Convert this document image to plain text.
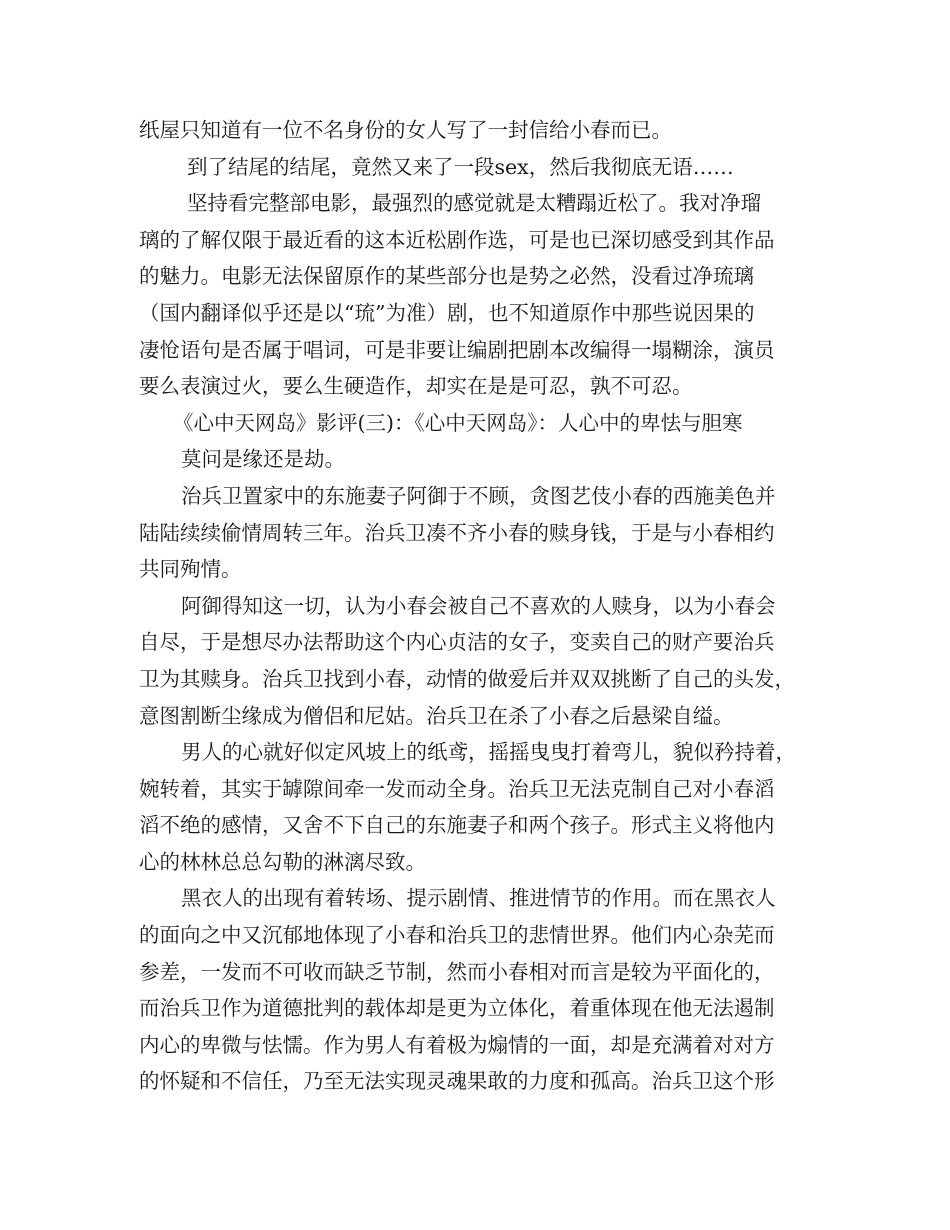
纸屋只知道有一位不名身份的女人写了一封信给小春而已。
到了结尾的结尾，竟然又来了一段sex，然后我彻底无语……
坚持看完整部电影，最强烈的感觉就是太糟蹋近松了。我对净瑠
璃的了解仅限于最近看的这本近松剧作选，可是也已深切感受到其作品
的魅力。电影无法保留原作的某些部分也是势之必然，没看过净琉璃
（国内翻译似乎还是以“琉”为准）剧，也不知道原作中那些说因果的
凄怆语句是否属于唱词，可是非要让编剧把剧本改编得一塌糊涂，演员
要么表演过火，要么生硬造作，却实在是是可忍，孰不可忍。
《心中天网岛》影评(三)：《心中天网岛》：人心中的卑怯与胆寒
莫问是缘还是劫。
治兵卫置家中的东施妻子阿御于不顾，贪图艺伎小春的西施美色并
陆陆续续偷情周转三年。治兵卫凑不齐小春的赎身钱，于是与小春相约
共同殉情。
阿御得知这一切，认为小春会被自己不喜欢的人赎身，以为小春会
自尽，于是想尽办法帮助这个内心贞洁的女子，变卖自己的财产要治兵
卫为其赎身。治兵卫找到小春，动情的做爱后并双双挑断了自己的头发，
意图割断尘缘成为僧侣和尼姑。治兵卫在杀了小春之后悬梁自缢。
男人的心就好似定风坡上的纸鸢，摇摇曳曳打着弯儿，貌似矜持着，
婉转着，其实于罅隙间牵一发而动全身。治兵卫无法克制自己对小春滔
滔不绝的感情，又舍不下自己的东施妻子和两个孩子。形式主义将他内
心的林林总总勾勒的淋漓尽致。
黑衣人的出现有着转场、提示剧情、推进情节的作用。而在黑衣人
的面向之中又沉郁地体现了小春和治兵卫的悲情世界。他们内心杂芜而
参差，一发而不可收而缺乏节制，然而小春相对而言是较为平面化的，
而治兵卫作为道德批判的载体却是更为立体化，着重体现在他无法遏制
内心的卑微与怯懦。作为男人有着极为煽情的一面，却是充满着对对方
的怀疑和不信任，乃至无法实现灵魂果敢的力度和孤高。治兵卫这个形
